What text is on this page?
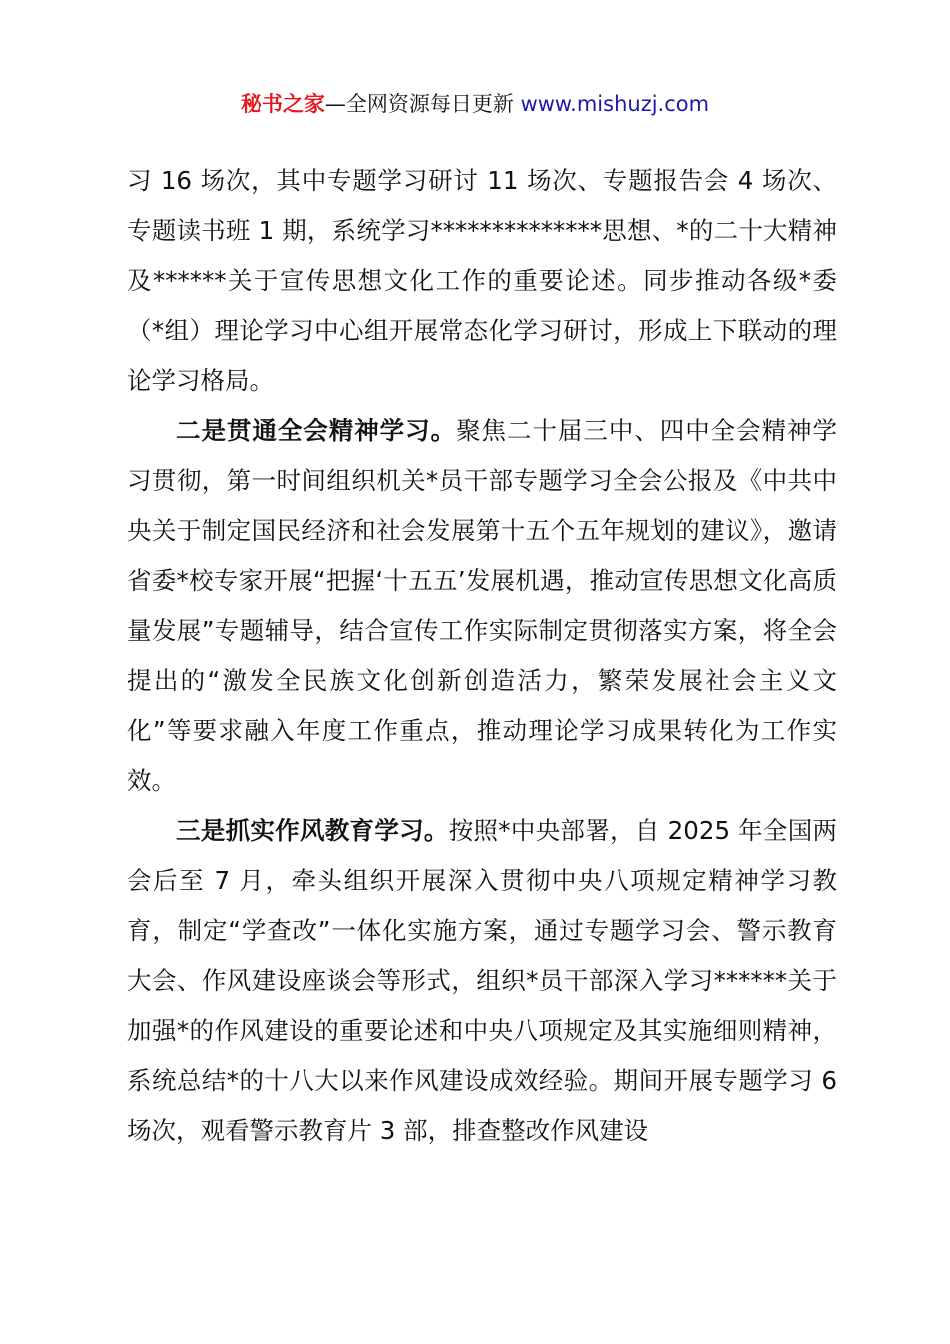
秘书之家—全网资源每日更新 www.mishuzj.com

习 16 场次，其中专题学习研讨 11 场次、专题报告会 4 场次、专题读书班 1 期，系统学习**************思想、*的二十大精神及******关于宣传思想文化工作的重要论述。同步推动各级*委（*组）理论学习中心组开展常态化学习研讨，形成上下联动的理论学习格局。

二是贯通全会精神学习。聚焦二十届三中、四中全会精神学习贯彻，第一时间组织机关*员干部专题学习全会公报及《中共中央关于制定国民经济和社会发展第十五个五年规划的建议》，邀请省委*校专家开展“把握‘十五五’发展机遇，推动宣传思想文化高质量发展”专题辅导，结合宣传工作实际制定贯彻落实方案，将全会提出的“激发全民族文化创新创造活力，繁荣发展社会主义文化”等要求融入年度工作重点，推动理论学习成果转化为工作实效。

三是抓实作风教育学习。按照*中央部署，自 2025 年全国两会后至 7 月，牵头组织开展深入贯彻中央八项规定精神学习教育，制定“学查改”一体化实施方案，通过专题学习会、警示教育大会、作风建设座谈会等形式，组织*员干部深入学习******关于加强*的作风建设的重要论述和中央八项规定及其实施细则精神，系统总结*的十八大以来作风建设成效经验。期间开展专题学习 6 场次，观看警示教育片 3 部，排查整改作风建设
